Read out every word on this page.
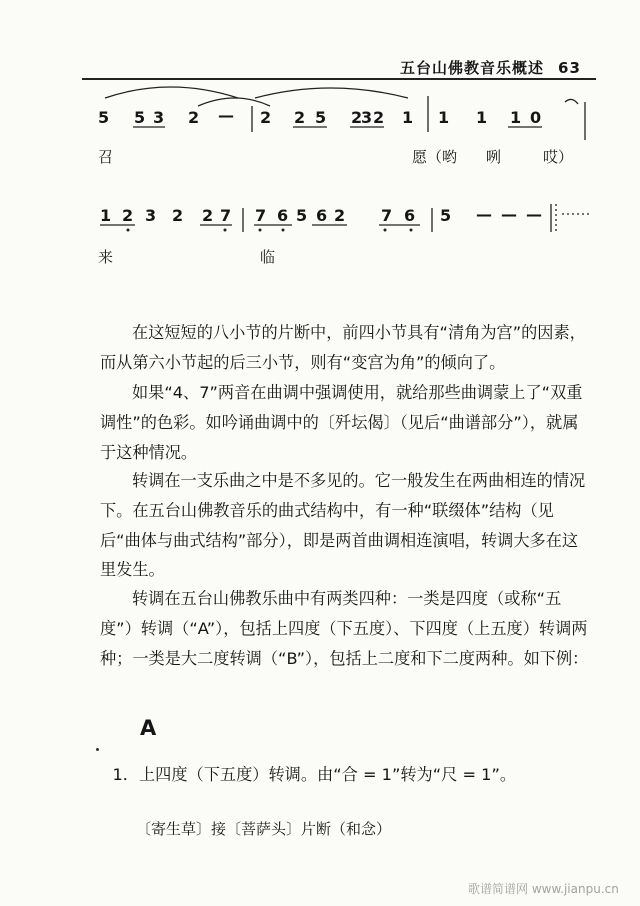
五台山佛教音乐概述 63
5 5 3 2 — 2 2 5 2
3 2 1 1 1 1 0
召	愿（哟 咧	哎）
1 2 3 2 2 7 7 6 5 6 2 7 6 5 — — —
来	临
在这短短的八小节的片断中，前四小节具有“清角为宫”的因素，而从第六小节起的后三小节，则有“变宫为角”的倾向了。
如果“4、7”两音在曲调中强调使用，就给那些曲调蒙上了“双重调性”的色彩。如吟诵曲调中的〔歼坛偈〕（见后“曲谱部分”），就属于这种情况。
转调在一支乐曲之中是不多见的。它一般发生在两曲相连的情况下。在五台山佛教音乐的曲式结构中，有一种“联缀体”结构（见后“曲体与曲式结构”部分），即是两首曲调相连演唱，转调大多在这里发生。
转调在五台山佛教乐曲中有两类四种：一类是四度（或称“五度”）转调（“A”），包括上四度（下五度）、下四度（上五度）转调两种；一类是大二度转调（“B”），包括上二度和下二度两种。如下例：
A
1．上四度（下五度）转调。由“合 = 1”转为“尺 = 1”。
〔寄生草〕接〔菩萨头〕片断（和念）
歌谱简谱网 www.jianpu.cn
